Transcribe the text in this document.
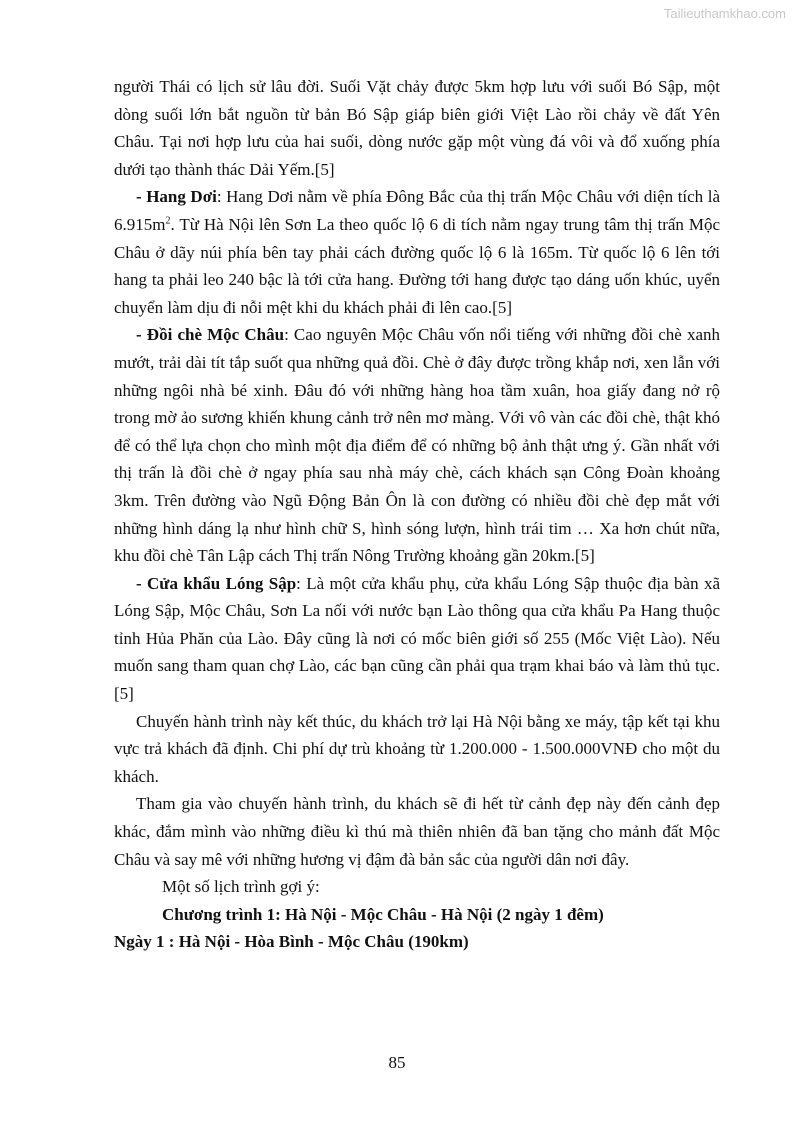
Tailieuthamkhao.com

người Thái có lịch sử lâu đời. Suối Vặt chảy được 5km hợp lưu với suối Bó Sập, một dòng suối lớn bắt nguồn từ bản Bó Sập giáp biên giới Việt Lào rồi chảy về đất Yên Châu. Tại nơi hợp lưu của hai suối, dòng nước gặp một vùng đá vôi và đổ xuống phía dưới tạo thành thác Dải Yếm.[5]

- Hang Dơi: Hang Dơi nằm về phía Đông Bắc của thị trấn Mộc Châu với diện tích là $6.915m^2$. Từ Hà Nội lên Sơn La theo quốc lộ 6 di tích nằm ngay trung tâm thị trấn Mộc Châu ở dãy núi phía bên tay phải cách đường quốc lộ 6 là 165m. Từ quốc lộ 6 lên tới hang ta phải leo 240 bậc là tới cửa hang. Đường tới hang được tạo dáng uốn khúc, uyển chuyển làm dịu đi nỗi mệt khi du khách phải đi lên cao.[5]

- Đồi chè Mộc Châu: Cao nguyên Mộc Châu vốn nổi tiếng với những đồi chè xanh mướt, trải dài tít tắp suốt qua những quả đồi. Chè ở đây được trồng khắp nơi, xen lẫn với những ngôi nhà bé xinh. Đâu đó với những hàng hoa tầm xuân, hoa giấy đang nở rộ trong mờ ảo sương khiến khung cảnh trở nên mơ màng. Với vô vàn các đồi chè, thật khó để có thể lựa chọn cho mình một địa điểm để có những bộ ảnh thật ưng ý. Gần nhất với thị trấn là đồi chè ở ngay phía sau nhà máy chè, cách khách sạn Công Đoàn khoảng 3km. Trên đường vào Ngũ Động Bản Ôn là con đường có nhiều đồi chè đẹp mắt với những hình dáng lạ như hình chữ S, hình sóng lượn, hình trái tim … Xa hơn chút nữa, khu đồi chè Tân Lập cách Thị trấn Nông Trường khoảng gần 20km.[5]

- Cửa khẩu Lóng Sập: Là một cửa khẩu phụ, cửa khẩu Lóng Sập thuộc địa bàn xã Lóng Sập, Mộc Châu, Sơn La nối với nước bạn Lào thông qua cửa khẩu Pa Hang thuộc tỉnh Hủa Phăn của Lào. Đây cũng là nơi có mốc biên giới số 255 (Mốc Việt Lào). Nếu muốn sang tham quan chợ Lào, các bạn cũng cần phải qua trạm khai báo và làm thủ tục.[5]

Chuyến hành trình này kết thúc, du khách trở lại Hà Nội bằng xe máy, tập kết tại khu vực trả khách đã định. Chi phí dự trù khoảng từ 1.200.000 - 1.500.000VNĐ cho một du khách.

Tham gia vào chuyến hành trình, du khách sẽ đi hết từ cảnh đẹp này đến cảnh đẹp khác, đắm mình vào những điều kì thú mà thiên nhiên đã ban tặng cho mảnh đất Mộc Châu và say mê với những hương vị đậm đà bản sắc của người dân nơi đây.

Một số lịch trình gợi ý:

Chương trình 1: Hà Nội - Mộc Châu - Hà Nội (2 ngày 1 đêm)

Ngày 1 : Hà Nội - Hòa Bình - Mộc Châu (190km)

85
